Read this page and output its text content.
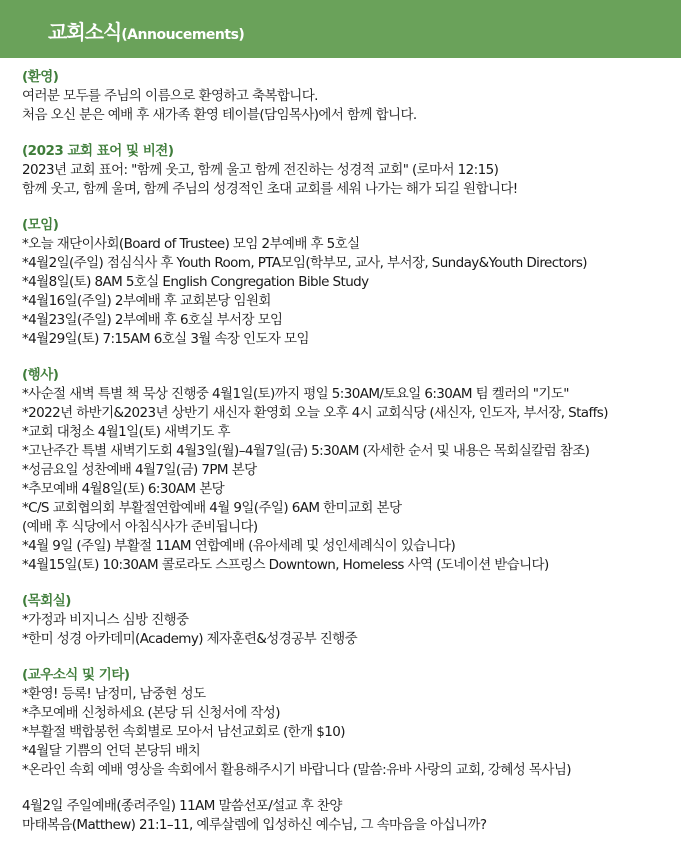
교회소식(Annoucements)
(환영)
여러분 모두를 주님의 이름으로 환영하고 축복합니다.
처음 오신 분은 예배 후 새가족 환영 테이블(담임목사)에서 함께 합니다.
(2023 교회 표어 및 비젼)
2023년 교회 표어: "함께 웃고, 함께 울고 함께 전진하는 성경적 교회" (로마서 12:15)
함께 웃고, 함께 울며, 함께 주님의 성경적인 초대 교회를 세워 나가는 해가 되길 원합니다!
(모임)
*오늘 재단이사회(Board of Trustee) 모임 2부예배 후 5호실
*4월2일(주일) 점심식사 후 Youth Room, PTA모임(학부모, 교사, 부서장, Sunday&Youth Directors)
*4월8일(토) 8AM 5호실 English Congregation Bible Study
*4월16일(주일) 2부예배 후 교회본당 임원회
*4월23일(주일) 2부예배 후 6호실 부서장 모임
*4월29일(토) 7:15AM 6호실 3월 속장 인도자 모임
(행사)
*사순절 새벽 특별 책 묵상 진행중 4월1일(토)까지 평일 5:30AM/토요일 6:30AM 팀 켈러의 "기도"
*2022년 하반기&2023년 상반기 새신자 환영회 오늘 오후 4시 교회식당 (새신자, 인도자, 부서장, Staffs)
*교회 대청소 4월1일(토) 새벽기도 후
*고난주간 특별 새벽기도회 4월3일(월)–4월7일(금) 5:30AM (자세한 순서 및 내용은 목회실칼럼 참조)
*성금요일 성찬예배 4월7일(금) 7PM 본당
*추모예배 4월8일(토) 6:30AM 본당
*C/S 교회협의회 부활절연합예배 4월 9일(주일) 6AM 한미교회 본당
(예배 후 식당에서 아침식사가 준비됩니다)
*4월 9일 (주일) 부활절 11AM 연합예배 (유아세례 및 성인세례식이 있습니다)
*4월15일(토) 10:30AM 콜로라도 스프링스 Downtown, Homeless 사역 (도네이션 받습니다)
(목회실)
*가정과 비지니스 심방 진행중
*한미 성경 아카데미(Academy) 제자훈련&성경공부 진행중
(교우소식 및 기타)
*환영! 등록! 남정미, 남중현 성도
*추모예배 신청하세요 (본당 뒤 신청서에 작성)
*부활절 백합봉헌 속회별로 모아서 남선교회로 (한개 $10)
*4월달 기쁨의 언덕 본당뒤 배치
*온라인 속회 예배 영상을 속회에서 활용해주시기 바랍니다 (말씀:유바 사랑의 교회, 강혜성 목사님)
4월2일 주일예배(종려주일) 11AM 말씀선포/설교 후 찬양
마태복음(Matthew) 21:1–11, 예루살렘에 입성하신 예수님, 그 속마음을 아십니까?
